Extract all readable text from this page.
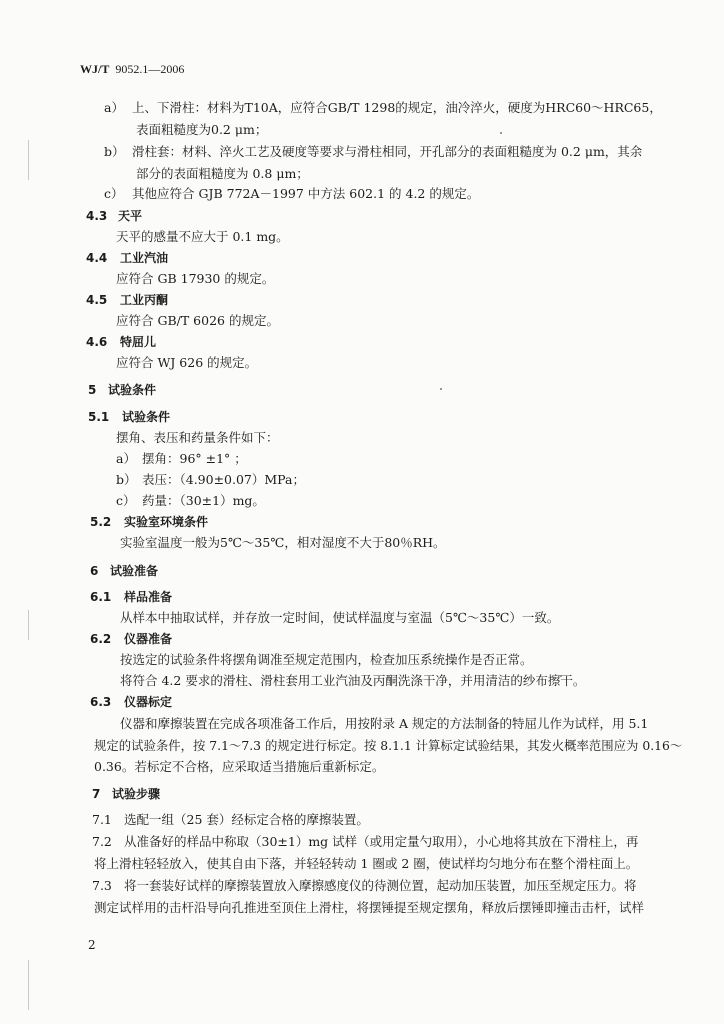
WJ/T 9052.1—2006
a） 上、下滑柱：材料为T10A，应符合GB/T 1298的规定，油冷淬火，硬度为HRC60～HRC65，
表面粗糙度为0.2 μm；
b） 滑柱套：材料、淬火工艺及硬度等要求与滑柱相同，开孔部分的表面粗糙度为 0.2 μm，其余
部分的表面粗糙度为 0.8 μm；
c） 其他应符合 GJB 772A－1997 中方法 602.1 的 4.2 的规定。
4.3 天平
天平的感量不应大于 0.1 mg。
4.4 工业汽油
应符合 GB 17930 的规定。
4.5 工业丙酮
应符合 GB/T 6026 的规定。
4.6 特屈儿
应符合 WJ 626 的规定。
5 试验条件
5.1 试验条件
摆角、表压和药量条件如下：
a） 摆角：96° ±1° ；
b） 表压：（4.90±0.07）MPa；
c） 药量：（30±1）mg。
5.2 实验室环境条件
实验室温度一般为5℃～35℃，相对湿度不大于80％RH。
6 试验准备
6.1 样品准备
从样本中抽取试样，并存放一定时间，使试样温度与室温（5℃～35℃）一致。
6.2 仪器准备
按选定的试验条件将摆角调准至规定范围内，检查加压系统操作是否正常。
将符合 4.2 要求的滑柱、滑柱套用工业汽油及丙酮洗涤干净，并用清洁的纱布擦干。
6.3 仪器标定
仪器和摩擦装置在完成各项准备工作后，用按附录 A 规定的方法制备的特屈儿作为试样，用 5.1
规定的试验条件，按 7.1～7.3 的规定进行标定。按 8.1.1 计算标定试验结果，其发火概率范围应为 0.16～
0.36。若标定不合格，应采取适当措施后重新标定。
7 试验步骤
7.1 选配一组（25 套）经标定合格的摩擦装置。
7.2 从准备好的样品中称取（30±1）mg 试样（或用定量勺取用），小心地将其放在下滑柱上，再
将上滑柱轻轻放入，使其自由下落，并轻轻转动 1 圈或 2 圈，使试样均匀地分布在整个滑柱面上。
7.3 将一套装好试样的摩擦装置放入摩擦感度仪的待测位置，起动加压装置，加压至规定压力。将
测定试样用的击杆沿导向孔推进至顶住上滑柱，将摆锤提至规定摆角，释放后摆锤即撞击击杆，试样
2
